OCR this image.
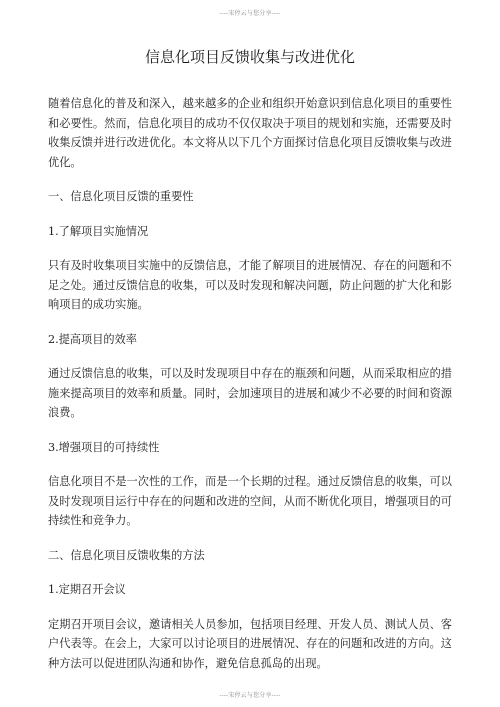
----宋停云与您分享----
信息化项目反馈收集与改进优化

随着信息化的普及和深入，越来越多的企业和组织开始意识到信息化项目的重要性和必要性。然而，信息化项目的成功不仅仅取决于项目的规划和实施，还需要及时收集反馈并进行改进优化。本文将从以下几个方面探讨信息化项目反馈收集与改进优化。

一、信息化项目反馈的重要性
1.了解项目实施情况

只有及时收集项目实施中的反馈信息，才能了解项目的进展情况、存在的问题和不足之处。通过反馈信息的收集，可以及时发现和解决问题，防止问题的扩大化和影响项目的成功实施。

2.提高项目的效率

通过反馈信息的收集，可以及时发现项目中存在的瓶颈和问题，从而采取相应的措施来提高项目的效率和质量。同时，会加速项目的进展和减少不必要的时间和资源浪费。

3.增强项目的可持续性

信息化项目不是一次性的工作，而是一个长期的过程。通过反馈信息的收集，可以及时发现项目运行中存在的问题和改进的空间，从而不断优化项目，增强项目的可持续性和竞争力。

二、信息化项目反馈收集的方法
1.定期召开会议

定期召开项目会议，邀请相关人员参加，包括项目经理、开发人员、测试人员、客户代表等。在会上，大家可以讨论项目的进展情况、存在的问题和改进的方向。这种方法可以促进团队沟通和协作，避免信息孤岛的出现。

----宋停云与您分享----
